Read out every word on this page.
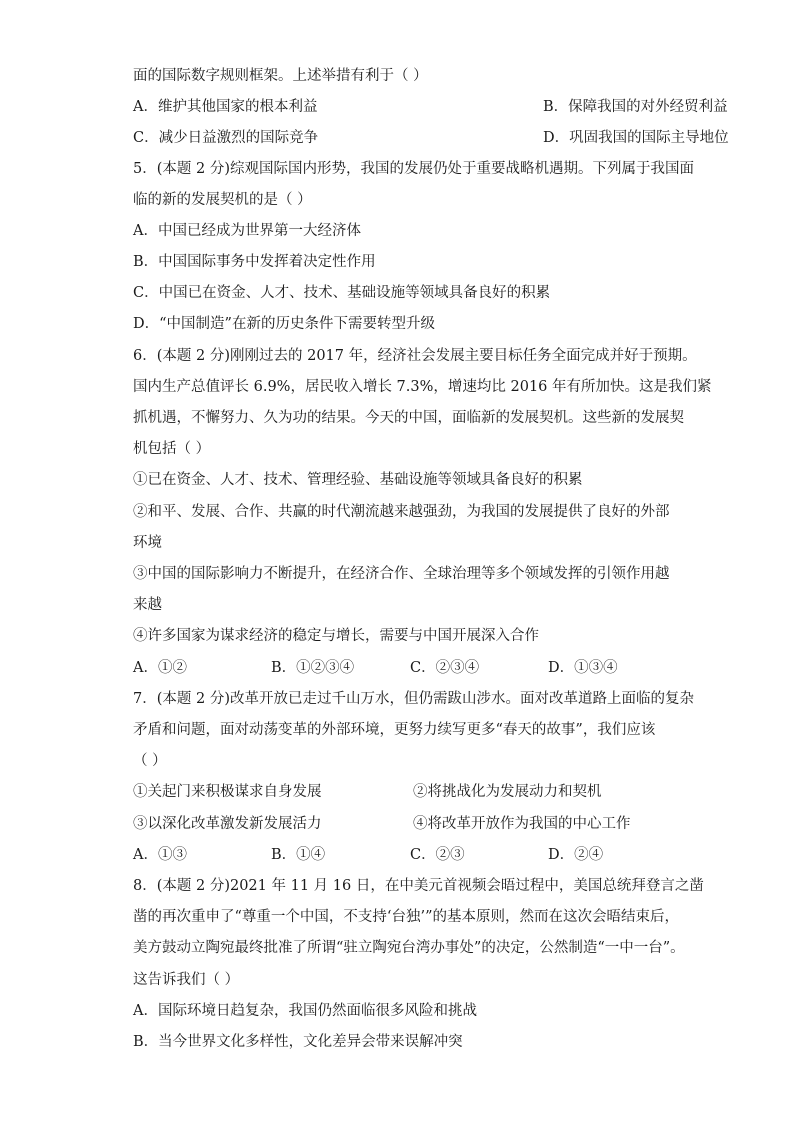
面的国际数字规则框架。上述举措有利于（ ）
A．维护其他国家的根本利益	B．保障我国的对外经贸利益
C．减少日益激烈的国际竞争	D．巩固我国的国际主导地位
5．(本题 2 分)综观国际国内形势，我国的发展仍处于重要战略机遇期。下列属于我国面
临的新的发展契机的是（ ）
A．中国已经成为世界第一大经济体
B．中国国际事务中发挥着决定性作用
C．中国已在资金、人才、技术、基础设施等领域具备良好的积累
D．“中国制造”在新的历史条件下需要转型升级
6．(本题 2 分)刚刚过去的 2017 年，经济社会发展主要目标任务全面完成并好于预期。
国内生产总值评长 6.9%，居民收入增长 7.3%，增速均比 2016 年有所加快。这是我们紧
抓机遇，不懈努力、久为功的结果。今天的中国，面临新的发展契机。这些新的发展契
机包括（ ）
①已在资金、人才、技术、管理经验、基础设施等领域具备良好的积累
②和平、发展、合作、共赢的时代潮流越来越强劲，为我国的发展提供了良好的外部
环境
③中国的国际影响力不断提升，在经济合作、全球治理等多个领域发挥的引领作用越
来越
④许多国家为谋求经济的稳定与增长，需要与中国开展深入合作
A．①②	B．①②③④	C．②③④	D．①③④
7．(本题 2 分)改革开放已走过千山万水，但仍需跋山涉水。面对改革道路上面临的复杂
矛盾和问题，面对动荡变革的外部环境，更努力续写更多“春天的故事”，我们应该
（ ）
①关起门来积极谋求自身发展	②将挑战化为发展动力和契机
③以深化改革激发新发展活力	④将改革开放作为我国的中心工作
A．①③	B．①④	C．②③	D．②④
8．(本题 2 分)2021 年 11 月 16 日，在中美元首视频会晤过程中，美国总统拜登言之凿
凿的再次重申了“尊重一个中国，不支持‘台独’”的基本原则，然而在这次会晤结束后，
美方鼓动立陶宛最终批准了所谓“驻立陶宛台湾办事处”的决定，公然制造“一中一台”。
这告诉我们（ ）
A．国际环境日趋复杂，我国仍然面临很多风险和挑战
B．当今世界文化多样性，文化差异会带来误解冲突
